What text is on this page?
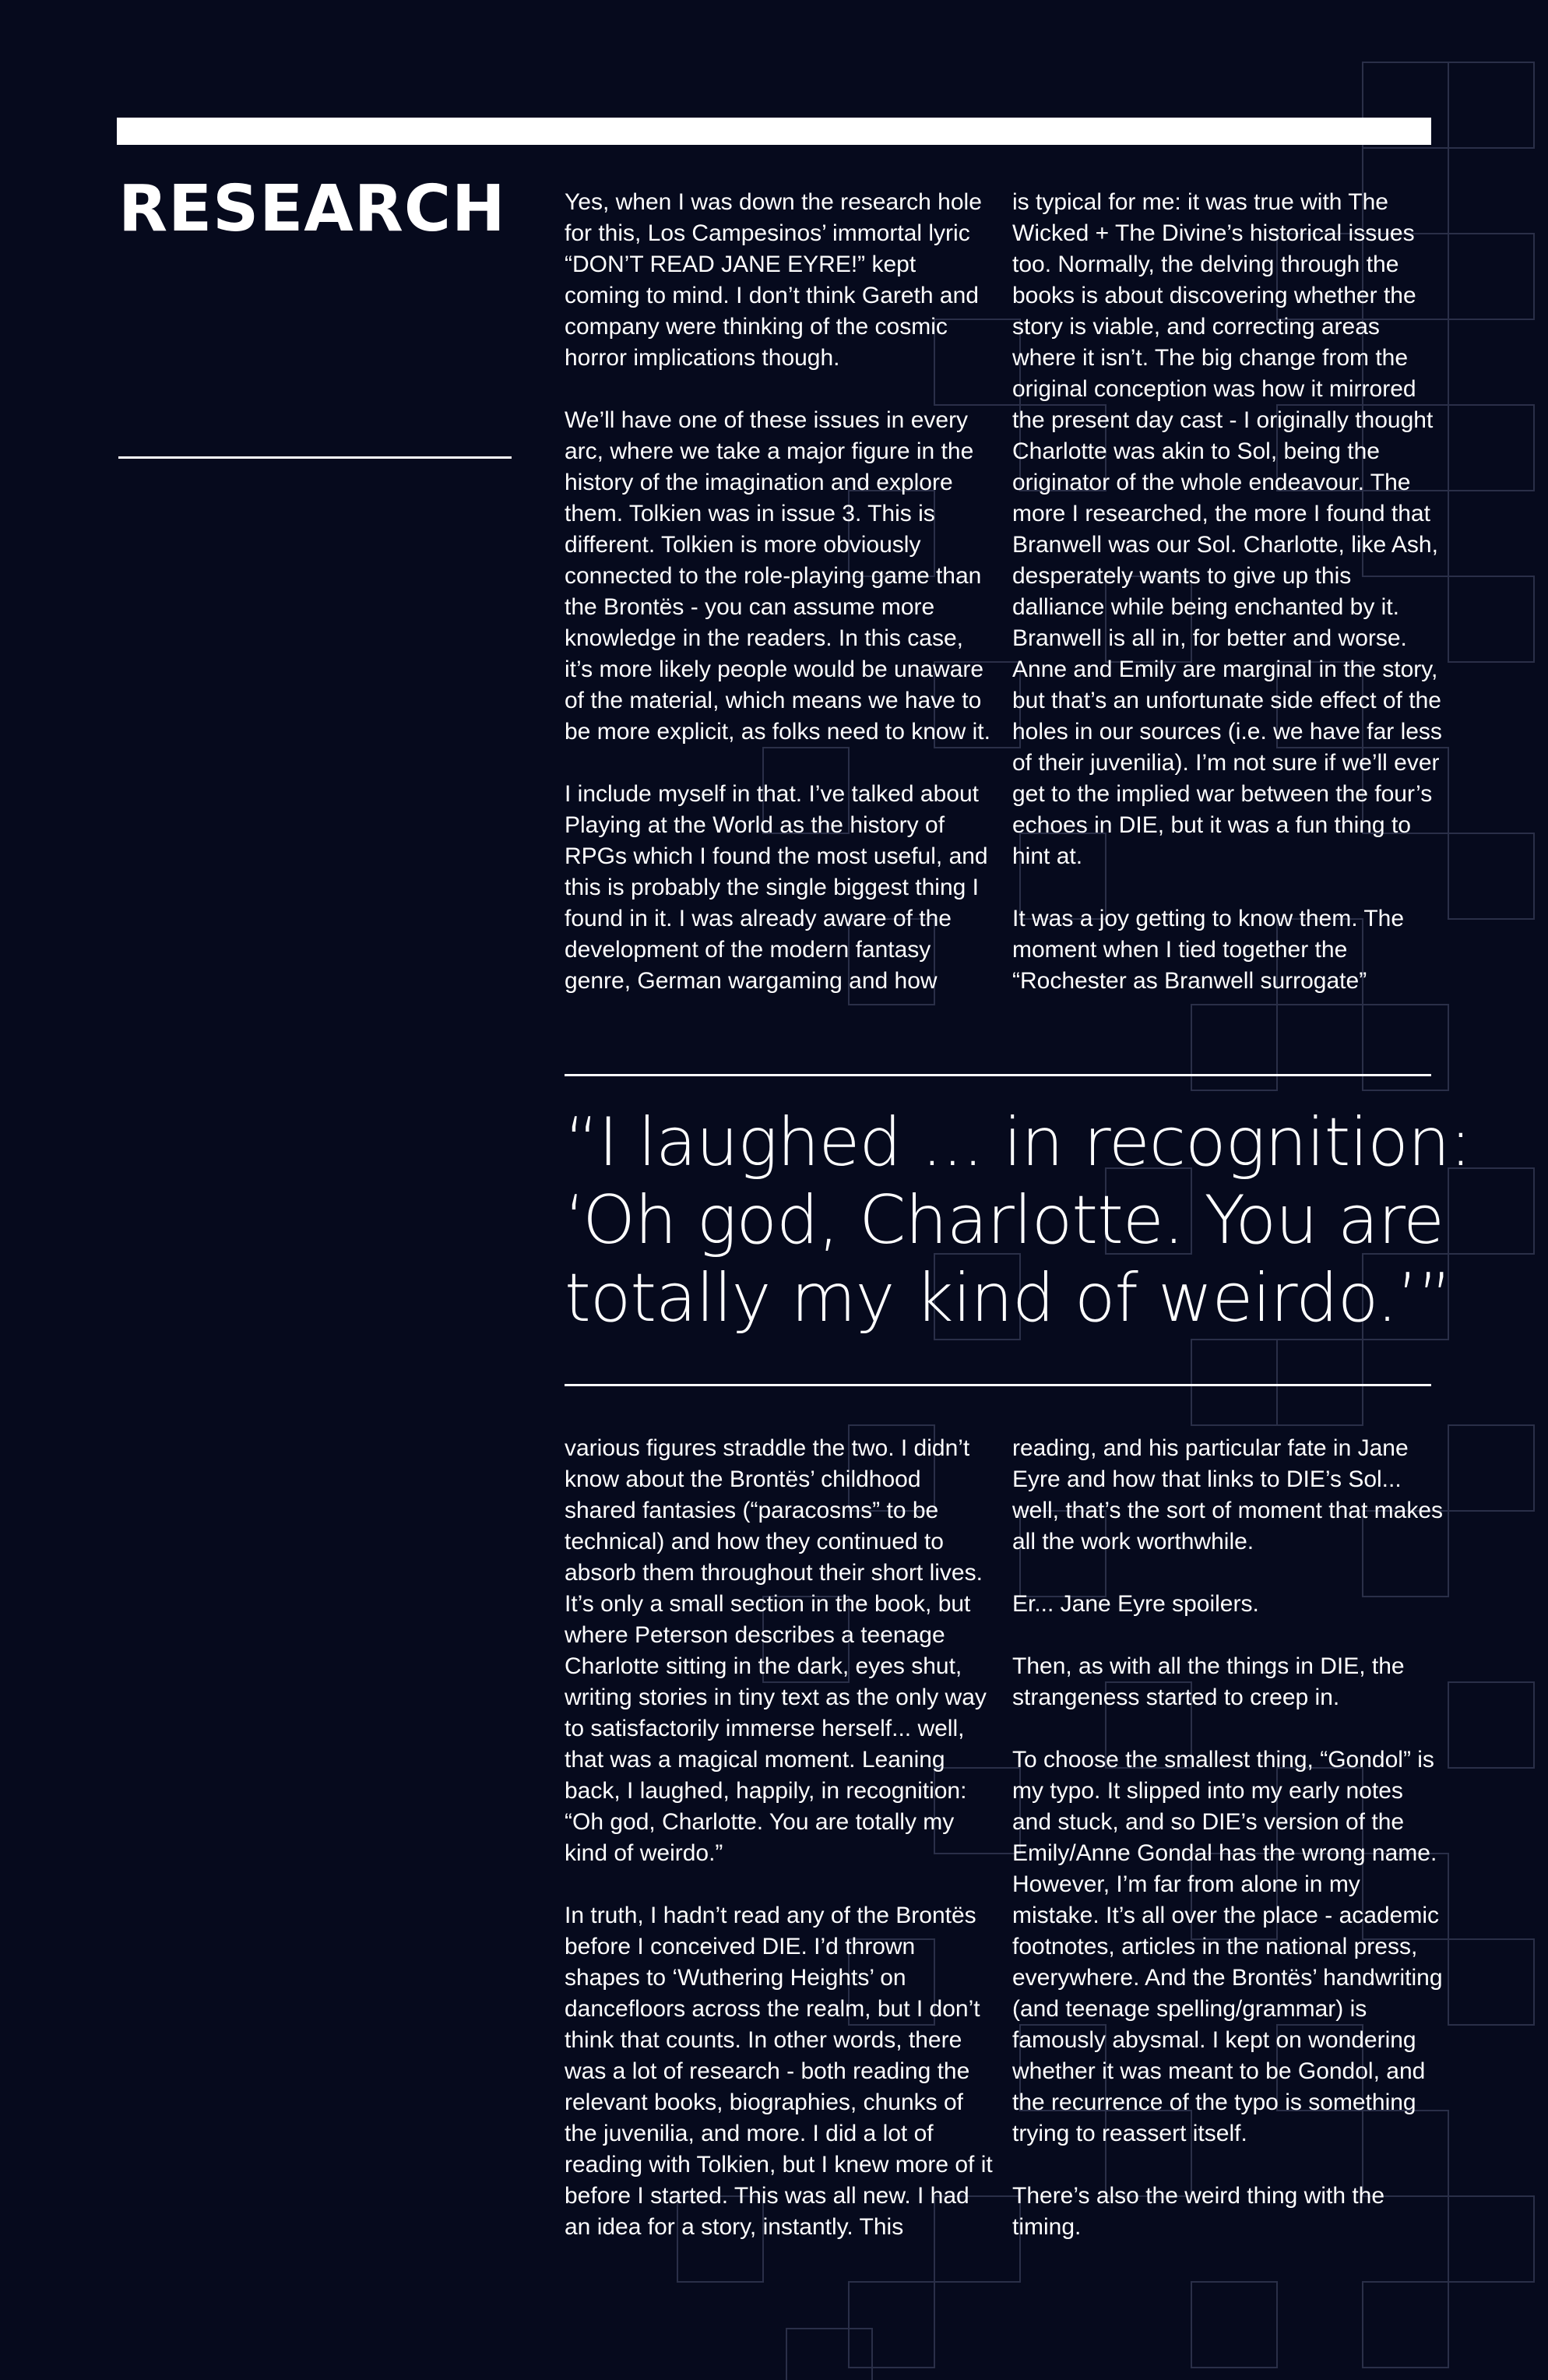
RESEARCH	Yes, when I was down the research hole for this, Los Campesinos’ immortal lyric “DON’T READ JANE EYRE!” kept coming to mind. I don’t think Gareth and company were thinking of the cosmic horror implications though.

We’ll have one of these issues in every arc, where we take a major figure in the history of the imagination and explore them. Tolkien was in issue 3. This is different. Tolkien is more obviously connected to the role-playing game than the Brontës - you can assume more knowledge in the readers. In this case, it’s more likely people would be unaware of the material, which means we have to be more explicit, as folks need to know it.

I include myself in that. I’ve talked about Playing at the World as the history of RPGs which I found the most useful, and this is probably the single biggest thing I found in it. I was already aware of the development of the modern fantasy genre, German wargaming and how

is typical for me: it was true with The Wicked + The Divine’s historical issues too. Normally, the delving through the books is about discovering whether the story is viable, and correcting areas where it isn’t. The big change from the original conception was how it mirrored the present day cast - I originally thought Charlotte was akin to Sol, being the originator of the whole endeavour. The more I researched, the more I found that Branwell was our Sol. Charlotte, like Ash, desperately wants to give up this dalliance while being enchanted by it. Branwell is all in, for better and worse. Anne and Emily are marginal in the story, but that’s an unfortunate side effect of the holes in our sources (i.e. we have far less of their juvenilia). I’m not sure if we’ll ever get to the implied war between the four’s echoes in DIE, but it was a fun thing to hint at.

It was a joy getting to know them. The moment when I tied together the “Rochester as Branwell surrogate”

“I laughed ... in recognition:
‘Oh god, Charlotte. You are
totally my kind of weirdo.’”

various figures straddle the two. I didn’t know about the Brontës’ childhood shared fantasies (“paracosms” to be technical) and how they continued to absorb them throughout their short lives. It’s only a small section in the book, but where Peterson describes a teenage Charlotte sitting in the dark, eyes shut, writing stories in tiny text as the only way to satisfactorily immerse herself... well, that was a magical moment. Leaning back, I laughed, happily, in recognition: “Oh god, Charlotte. You are totally my kind of weirdo.”

In truth, I hadn’t read any of the Brontës before I conceived DIE. I’d thrown shapes to ‘Wuthering Heights’ on dancefloors across the realm, but I don’t think that counts. In other words, there was a lot of research - both reading the relevant books, biographies, chunks of the juvenilia, and more. I did a lot of reading with Tolkien, but I knew more of it before I started. This was all new. I had an idea for a story, instantly. This

reading, and his particular fate in Jane Eyre and how that links to DIE’s Sol... well, that’s the sort of moment that makes all the work worthwhile.

Er... Jane Eyre spoilers.

Then, as with all the things in DIE, the strangeness started to creep in.

To choose the smallest thing, “Gondol” is my typo. It slipped into my early notes and stuck, and so DIE’s version of the Emily/Anne Gondal has the wrong name. However, I’m far from alone in my mistake. It’s all over the place - academic footnotes, articles in the national press, everywhere. And the Brontës’ handwriting (and teenage spelling/grammar) is famously abysmal. I kept on wondering whether it was meant to be Gondol, and the recurrence of the typo is something trying to reassert itself.

There’s also the weird thing with the timing.
